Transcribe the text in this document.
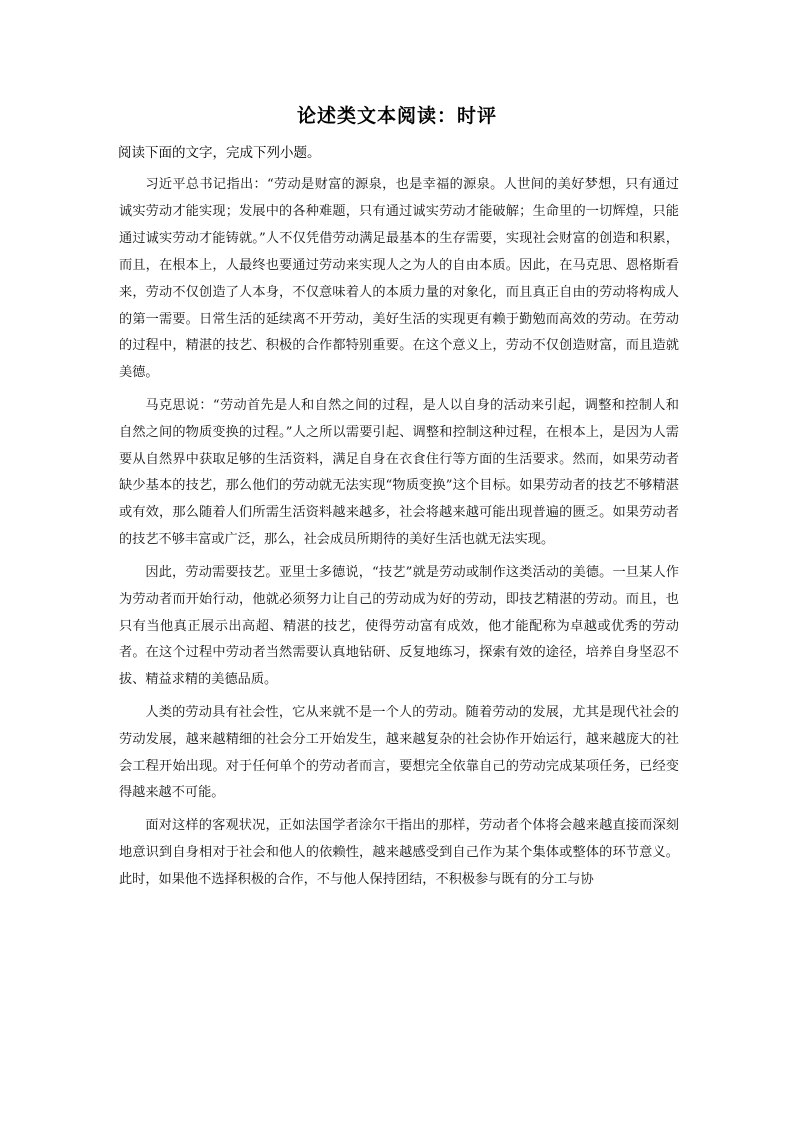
论述类文本阅读：时评
阅读下面的文字，完成下列小题。

习近平总书记指出：“劳动是财富的源泉，也是幸福的源泉。人世间的美好梦想，只有通过诚实劳动才能实现；发展中的各种难题，只有通过诚实劳动才能破解；生命里的一切辉煌，只能通过诚实劳动才能铸就。”人不仅凭借劳动满足最基本的生存需要，实现社会财富的创造和积累，而且，在根本上，人最终也要通过劳动来实现人之为人的自由本质。因此，在马克思、恩格斯看来，劳动不仅创造了人本身，不仅意味着人的本质力量的对象化，而且真正自由的劳动将构成人的第一需要。日常生活的延续离不开劳动，美好生活的实现更有赖于勤勉而高效的劳动。在劳动的过程中，精湛的技艺、积极的合作都特别重要。在这个意义上，劳动不仅创造财富，而且造就美德。

马克思说：“劳动首先是人和自然之间的过程，是人以自身的活动来引起，调整和控制人和自然之间的物质变换的过程。”人之所以需要引起、调整和控制这种过程，在根本上，是因为人需要从自然界中获取足够的生活资料，满足自身在衣食住行等方面的生活要求。然而，如果劳动者缺少基本的技艺，那么他们的劳动就无法实现“物质变换”这个目标。如果劳动者的技艺不够精湛或有效，那么随着人们所需生活资料越来越多，社会将越来越可能出现普遍的匮乏。如果劳动者的技艺不够丰富或广泛，那么，社会成员所期待的美好生活也就无法实现。

因此，劳动需要技艺。亚里士多德说，“技艺”就是劳动或制作这类活动的美德。一旦某人作为劳动者而开始行动，他就必须努力让自己的劳动成为好的劳动，即技艺精湛的劳动。而且，也只有当他真正展示出高超、精湛的技艺，使得劳动富有成效，他才能配称为卓越或优秀的劳动者。在这个过程中劳动者当然需要认真地钻研、反复地练习，探索有效的途径，培养自身坚忍不拔、精益求精的美德品质。

人类的劳动具有社会性，它从来就不是一个人的劳动。随着劳动的发展，尤其是现代社会的劳动发展，越来越精细的社会分工开始发生，越来越复杂的社会协作开始运行，越来越庞大的社会工程开始出现。对于任何单个的劳动者而言，要想完全依靠自己的劳动完成某项任务，已经变得越来越不可能。

面对这样的客观状况，正如法国学者涂尔干指出的那样，劳动者个体将会越来越直接而深刻地意识到自身相对于社会和他人的依赖性，越来越感受到自己作为某个集体或整体的环节意义。此时，如果他不选择积极的合作，不与他人保持团结，不积极参与既有的分工与协
